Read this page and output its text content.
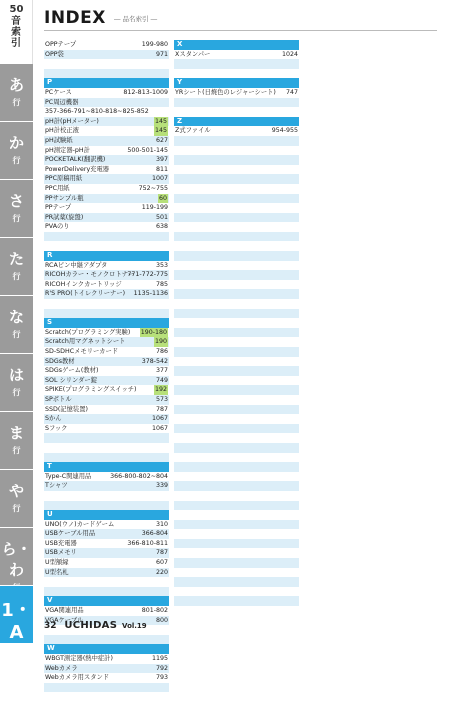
50
音索引
あ
行
か
行
さ
行
た
行
な
行
は
行
ま
行
や
行
ら・わ
1・A
INDEX ― 品名索引 ―
OPPテープ	199-980
OPP袋	971
P
PCケース	812-813-1009
PC周辺機器
357-366-791~810-818~825-852
pH計(pHメーター)	145
pH計校正液	145
pH試験紙	627
pH測定器-pH計	500-501-145
POCKETALK(翻訳機)	397
PowerDelivery充電器	811
PPC原稿用紙	1007
PPC用紙	752~755
PPサンプル瓶	60
PPテープ	119-199
PR試薬(旋盤)	501
PVAのり	638
R
RCAピン中継アダプタ	353
RICOHカラー・モノクロトナー
771-772-775
RICOHインクカートリッジ	785
R'S PRO(トイレクリーナー) 1135-1136
S
Scratch(プログラミング実験) 190-180
Scratch用マグネットシート	190
SD-SDHCメモリーカード	786
SDGs教材	378-542
SDGsゲーム(教材)	377
SOL シリンダー錠	749
SPIKE(プログラミングスイッチ)	192
SPボトル	573
SSD(記憶装置)	787
Sかん	1067
Sフック	1067
T
Type-C関連用品	366-800-802~804
Tシャツ	339
U
UNO(ウノ)カードゲーム	310
USBケーブル用品	366-804
USB充電器	366-810-811
USBメモリ	787
U型額縁	607
U型名札	220
V
VGA関連用品	801-802
VGAケーブル	800
W
WBGT測定器(熱中症計)	1195
Webカメラ	792
Webカメラ用スタンド	793
X
Xスタンパー	1024
Y
YRシート(日焼色のレジャーシート) 747
Z
Z式ファイル	954-955
32 UCHIDAS Vol.19
